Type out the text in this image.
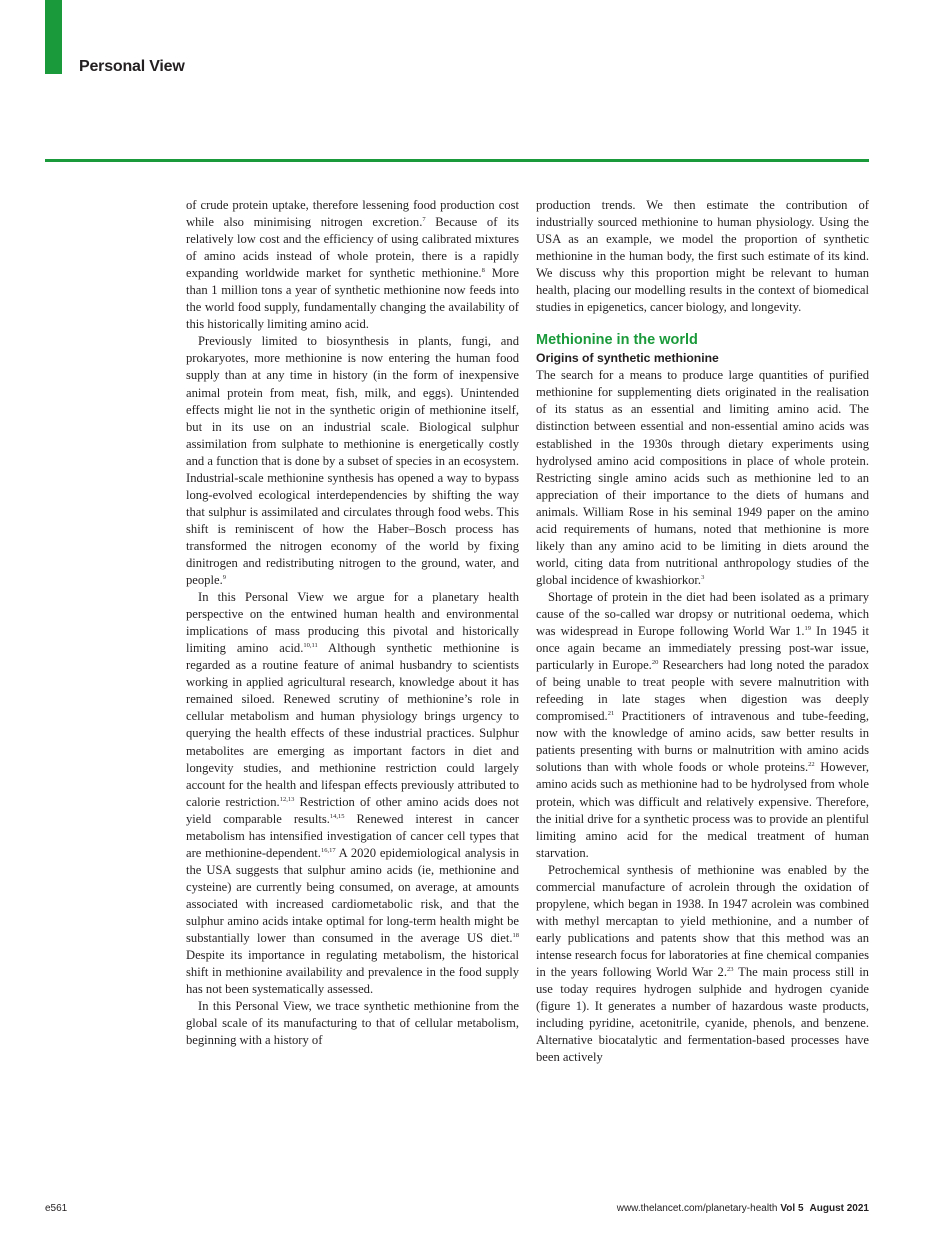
Personal View

of crude protein uptake, therefore lessening food production cost while also minimising nitrogen excretion.$^7$ Because of its relatively low cost and the efficiency of using calibrated mixtures of amino acids instead of whole protein, there is a rapidly expanding worldwide market for synthetic methionine.$^8$ More than 1 million tons a year of synthetic methionine now feeds into the world food supply, fundamentally changing the availability of this historically limiting amino acid.

Previously limited to biosynthesis in plants, fungi, and prokaryotes, more methionine is now entering the human food supply than at any time in history (in the form of inexpensive animal protein from meat, fish, milk, and eggs). Unintended effects might lie not in the synthetic origin of methionine itself, but in its use on an industrial scale. Biological sulphur assimilation from sulphate to methionine is energetically costly and a function that is done by a subset of species in an ecosystem. Industrial-scale methionine synthesis has opened a way to bypass long-evolved ecological interdependencies by shifting the way that sulphur is assimilated and circulates through food webs. This shift is reminiscent of how the Haber–Bosch process has transformed the nitrogen economy of the world by fixing dinitrogen and redistributing nitrogen to the ground, water, and people.$^9$

In this Personal View we argue for a planetary health perspective on the entwined human health and environmental implications of mass producing this pivotal and historically limiting amino acid.$^{10,11}$ Although synthetic methionine is regarded as a routine feature of animal husbandry to scientists working in applied agricultural research, knowledge about it has remained siloed. Renewed scrutiny of methionine’s role in cellular metabolism and human physiology brings urgency to querying the health effects of these industrial practices. Sulphur metabolites are emerging as important factors in diet and longevity studies, and methionine restriction could largely account for the health and lifespan effects previously attributed to calorie restriction.$^{12,13}$ Restriction of other amino acids does not yield comparable results.$^{14,15}$ Renewed interest in cancer metabolism has intensified investigation of cancer cell types that are methionine-dependent.$^{16,17}$ A 2020 epidemiological analysis in the USA suggests that sulphur amino acids (ie, methionine and cysteine) are currently being consumed, on average, at amounts associated with increased cardiometabolic risk, and that the sulphur amino acids intake optimal for long-term health might be substantially lower than consumed in the average US diet.$^{18}$ Despite its importance in regulating metabolism, the historical shift in methionine availability and prevalence in the food supply has not been systematically assessed.

In this Personal View, we trace synthetic methionine from the global scale of its manufacturing to that of cellular metabolism, beginning with a history of

production trends. We then estimate the contribution of industrially sourced methionine to human physiology. Using the USA as an example, we model the proportion of synthetic methionine in the human body, the first such estimate of its kind. We discuss why this proportion might be relevant to human health, placing our modelling results in the context of biomedical studies in epigenetics, cancer biology, and longevity.

Methionine in the world
Origins of synthetic methionine

The search for a means to produce large quantities of purified methionine for supplementing diets originated in the realisation of its status as an essential and limiting amino acid. The distinction between essential and non-essential amino acids was established in the 1930s through dietary experiments using hydrolysed amino acid compositions in place of whole protein. Restricting single amino acids such as methionine led to an appreciation of their importance to the diets of humans and animals. William Rose in his seminal 1949 paper on the amino acid requirements of humans, noted that methionine is more likely than any amino acid to be limiting in diets around the world, citing data from nutritional anthropology studies of the global incidence of kwashiorkor.$^3$

Shortage of protein in the diet had been isolated as a primary cause of the so-called war dropsy or nutritional oedema, which was widespread in Europe following World War 1.19 In 1945 it once again became an immediately pressing post-war issue, particularly in Europe.$^{20}$ Researchers had long noted the paradox of being unable to treat people with severe malnutrition with refeeding in late stages when digestion was deeply compromised.$^{21}$ Practitioners of intravenous and tube-feeding, now with the knowledge of amino acids, saw better results in patients presenting with burns or malnutrition with amino acids solutions than with whole foods or whole proteins.$^{22}$ However, amino acids such as methionine had to be hydrolysed from whole protein, which was difficult and relatively expensive. Therefore, the initial drive for a synthetic process was to provide an plentiful limiting amino acid for the medical treatment of human starvation.

Petrochemical synthesis of methionine was enabled by the commercial manufacture of acrolein through the oxidation of propylene, which began in 1938. In 1947 acrolein was combined with methyl mercaptan to yield methionine, and a number of early publications and patents show that this method was an intense research focus for laboratories at fine chemical companies in the years following World War 2.23 The main process still in use today requires hydrogen sulphide and hydrogen cyanide (figure 1). It generates a number of hazardous waste products, including pyridine, acetonitrile, cyanide, phenols, and benzene. Alternative biocatalytic and fermentation-based processes have been actively

e561	www.thelancet.com/planetary-health Vol 5 August 2021
